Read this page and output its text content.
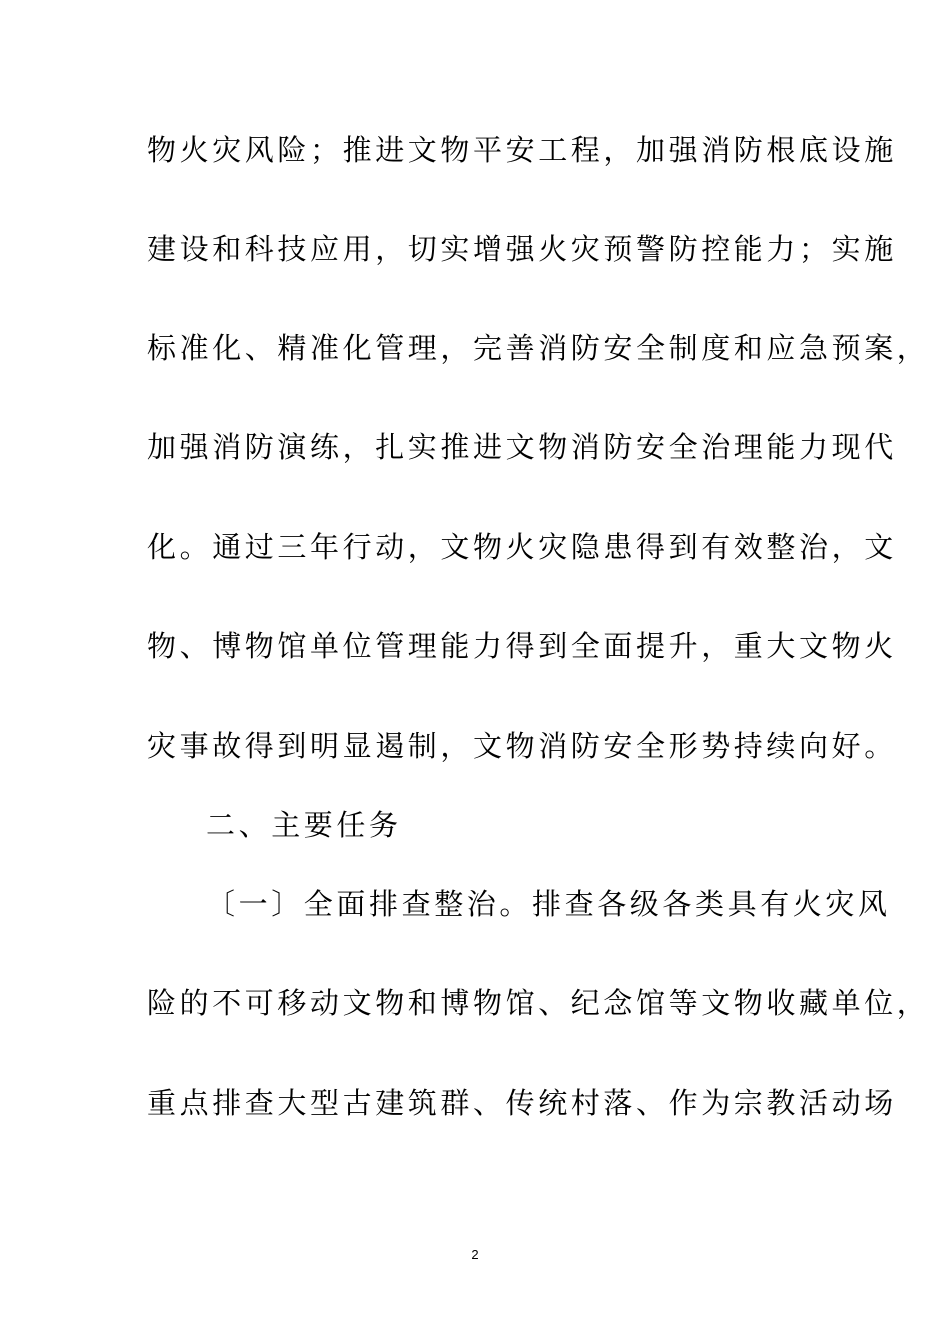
物火灾风险；推进文物平安工程，加强消防根底设施
建设和科技应用，切实增强火灾预警防控能力；实施
标准化、精准化管理，完善消防安全制度和应急预案，
加强消防演练，扎实推进文物消防安全治理能力现代
化。通过三年行动，文物火灾隐患得到有效整治，文
物、博物馆单位管理能力得到全面提升，重大文物火
灾事故得到明显遏制，文物消防安全形势持续向好。
二、主要任务
〔一〕全面排查整治。排查各级各类具有火灾风
险的不可移动文物和博物馆、纪念馆等文物收藏单位，
重点排查大型古建筑群、传统村落、作为宗教活动场
2
